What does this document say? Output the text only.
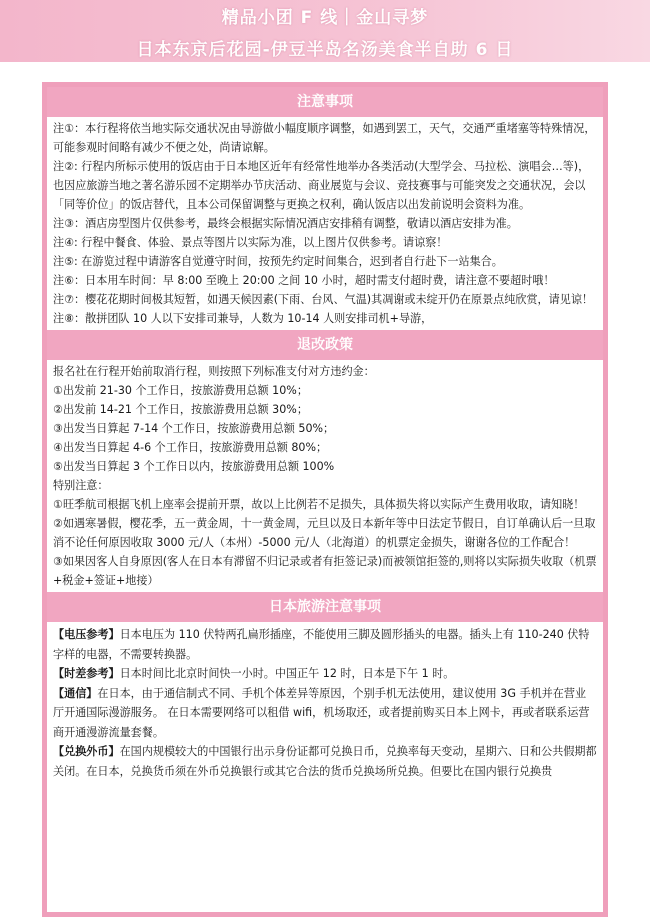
精品小团 F 线｜金山寻梦
日本东京后花园-伊豆半岛名汤美食半自助 6 日
注意事项

注①：本行程将依当地实际交通状况由导游做小幅度顺序调整，如遇到罢工，天气，交通严重堵塞等特殊情况，可能参观时间略有减少不便之处，尚请谅解。

注②: 行程内所标示使用的饭店由于日本地区近年有经常性地举办各类活动(大型学会、马拉松、演唱会…等)，也因应旅游当地之著名游乐园不定期举办节庆活动、商业展览与会议、竞技赛事与可能突发之交通状况，会以「同等价位」的饭店替代，且本公司保留调整与更换之权利，确认饭店以出发前说明会资料为准。

注③：酒店房型图片仅供参考，最终会根据实际情况酒店安排稍有调整，敬请以酒店安排为准。

注④: 行程中餐食、体验、景点等图片以实际为准，以上图片仅供参考。请谅察！

注⑤: 在游览过程中请游客自觉遵守时间，按预先约定时间集合，迟到者自行赴下一站集合。

注⑥：日本用车时间：早 8:00 至晚上 20:00 之间 10 小时，超时需支付超时费，请注意不要超时哦！

注⑦：樱花花期时间极其短暂，如遇天候因素(下雨、台风、气温)其凋谢或未绽开仍在原景点纯欣赏，请见谅！

注⑧：散拼团队 10 人以下安排司兼导，人数为 10-14 人则安排司机+导游，

退改政策

报名社在行程开始前取消行程，则按照下列标准支付对方违约金：

①出发前 21-30 个工作日，按旅游费用总额 10%；

②出发前 14-21 个工作日，按旅游费用总额 30%；

③出发当日算起 7-14 个工作日，按旅游费用总额 50%；

④出发当日算起 4-6 个工作日，按旅游费用总额 80%；

⑤出发当日算起 3 个工作日以内，按旅游费用总额 100%

特别注意：

①旺季航司根据飞机上座率会提前开票，故以上比例若不足损失，具体损失将以实际产生费用收取，请知晓！

②如遇寒暑假，樱花季，五一黄金周，十一黄金周，元旦以及日本新年等中日法定节假日，自订单确认后一旦取消不论任何原因收取 3000 元/人（本州）-5000 元/人（北海道）的机票定金损失，谢谢各位的工作配合！

③如果因客人自身原因(客人在日本有滞留不归记录或者有拒签记录)而被领馆拒签的,则将以实际损失收取（机票+税金+签证+地接）

日本旅游注意事项

【电压参考】日本电压为 110 伏特两孔扁形插座，不能使用三脚及圆形插头的电器。插头上有 110-240 伏特字样的电器，不需要转换器。

【时差参考】日本时间比北京时间快一小时。中国正午 12 时，日本是下午 1 时。

【通信】在日本，由于通信制式不同、手机个体差异等原因，个别手机无法使用，建议使用 3G 手机并在营业厅开通国际漫游服务。 在日本需要网络可以租借 wifi，机场取还，或者提前购买日本上网卡，再或者联系运营商开通漫游流量套餐。

【兑换外币】在国内规模较大的中国银行出示身份证都可兑换日币，兑换率每天变动，星期六、日和公共假期都关闭。在日本，兑换货币须在外币兑换银行或其它合法的货币兑换场所兑换。但要比在国内银行兑换贵
